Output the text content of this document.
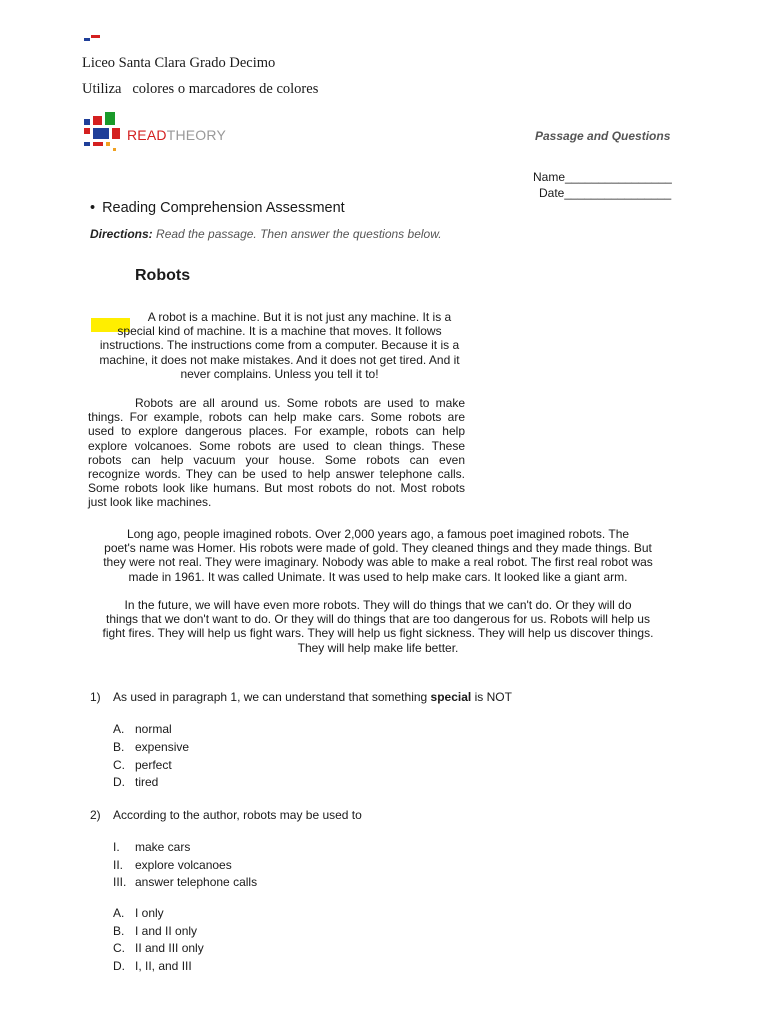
Liceo Santa Clara Grado Decimo
Utiliza   colores o marcadores de colores
READTHEORY	Passage and Questions
Name________________
Date________________
• Reading Comprehension Assessment
Directions: Read the passage. Then answer the questions below.
Robots
A robot is a machine. But it is not just any machine. It is a
special kind of machine. It is a machine that moves. It follows
instructions. The instructions come from a computer. Because it is a
machine, it does not make mistakes. And it does not get tired. And it
never complains. Unless you tell it to!
Robots are all around us. Some robots are used to make
things. For example, robots can help make cars. Some robots are
used to explore dangerous places. For example, robots can help
explore volcanoes. Some robots are used to clean things. These
robots can help vacuum your house. Some robots can even
recognize words. They can be used to help answer telephone calls.
Some robots look like humans. But most robots do not. Most robots
just look like machines.
Long ago, people imagined robots. Over 2,000 years ago, a famous poet imagined robots. The
poet's name was Homer. His robots were made of gold. They cleaned things and they made things. But
they were not real. They were imaginary. Nobody was able to make a real robot. The first real robot was
made in 1961. It was called Unimate. It was used to help make cars. It looked like a giant arm.
In the future, we will have even more robots. They will do things that we can't do. Or they will do
things that we don't want to do. Or they will do things that are too dangerous for us. Robots will help us
fight fires. They will help us fight wars. They will help us fight sickness. They will help us discover things.
They will help make life better.
1) As used in paragraph 1, we can understand that something special is NOT
A. normal
B. expensive
C. perfect
D. tired
2) According to the author, robots may be used to
I. make cars
II. explore volcanoes
III. answer telephone calls
A. I only
B. I and II only
C. II and III only
D. I, II, and III
